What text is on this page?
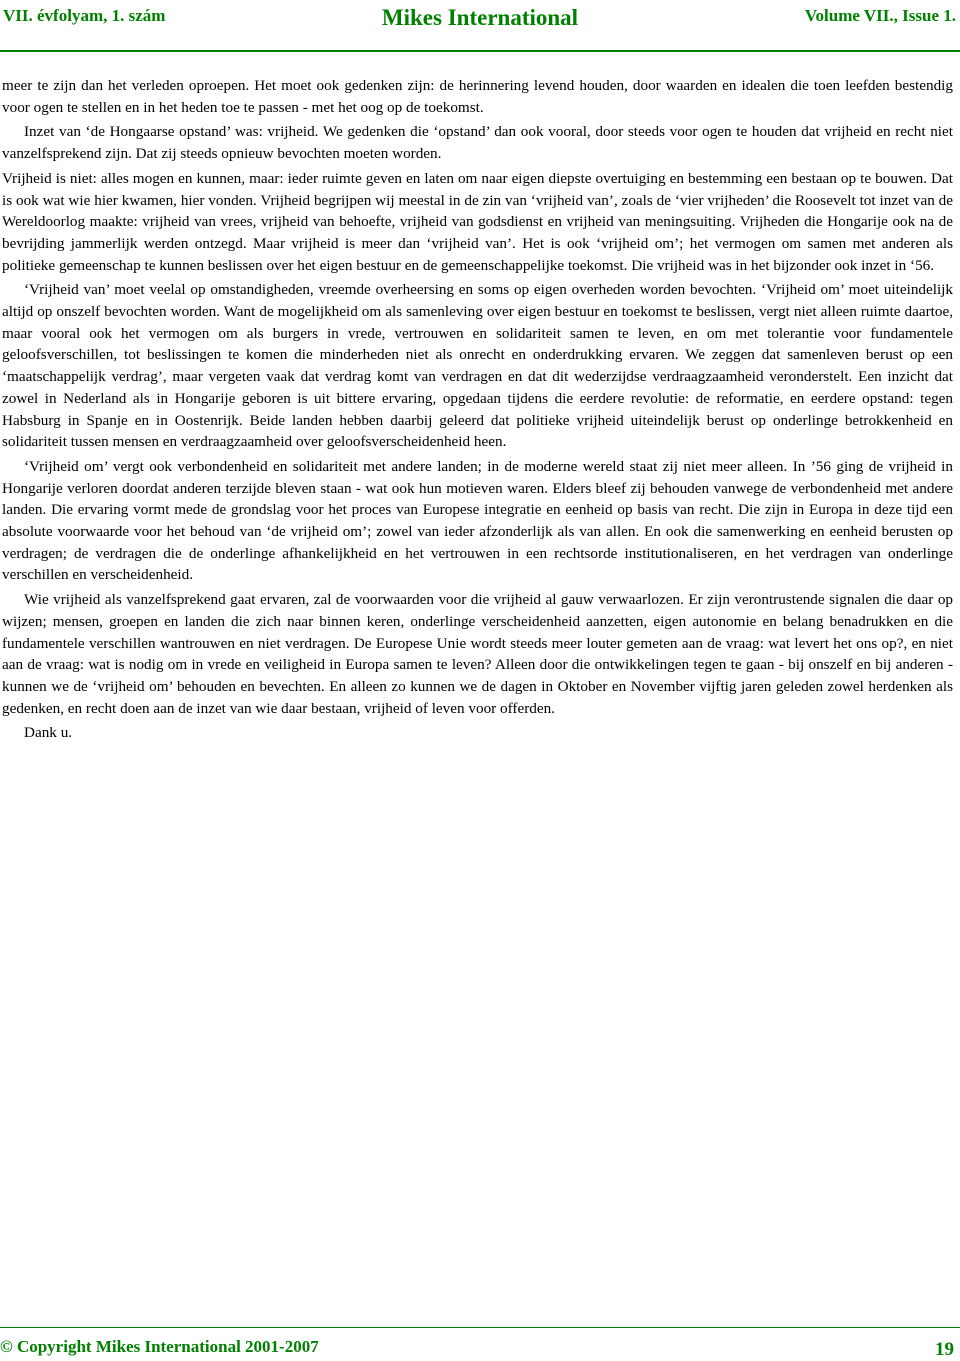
VII. évfolyam, 1. szám	Mikes International	Volume VII., Issue 1.

meer te zijn dan het verleden oproepen. Het moet ook gedenken zijn: de herinnering levend houden, door waarden en idealen die toen leefden bestendig voor ogen te stellen en in het heden toe te passen - met het oog op de toekomst.

Inzet van ‘de Hongaarse opstand’ was: vrijheid. We gedenken die ‘opstand’ dan ook vooral, door steeds voor ogen te houden dat vrijheid en recht niet vanzelfsprekend zijn. Dat zij steeds opnieuw bevochten moeten worden.

Vrijheid is niet: alles mogen en kunnen, maar: ieder ruimte geven en laten om naar eigen diepste overtuiging en bestemming een bestaan op te bouwen. Dat is ook wat wie hier kwamen, hier vonden. Vrijheid begrijpen wij meestal in de zin van ‘vrijheid van’, zoals de ‘vier vrijheden’ die Roosevelt tot inzet van de Wereldoorlog maakte: vrijheid van vrees, vrijheid van behoefte, vrijheid van godsdienst en vrijheid van meningsuiting. Vrijheden die Hongarije ook na de bevrijding jammerlijk werden ontzegd. Maar vrijheid is meer dan ‘vrijheid van’. Het is ook ‘vrijheid om’; het vermogen om samen met anderen als politieke gemeenschap te kunnen beslissen over het eigen bestuur en de gemeenschappelijke toekomst. Die vrijheid was in het bijzonder ook inzet in ‘56.

‘Vrijheid van’ moet veelal op omstandigheden, vreemde overheersing en soms op eigen overheden worden bevochten. ‘Vrijheid om’ moet uiteindelijk altijd op onszelf bevochten worden. Want de mogelijkheid om als samenleving over eigen bestuur en toekomst te beslissen, vergt niet alleen ruimte daartoe, maar vooral ook het vermogen om als burgers in vrede, vertrouwen en solidariteit samen te leven, en om met tolerantie voor fundamentele geloofsverschillen, tot beslissingen te komen die minderheden niet als onrecht en onderdrukking ervaren. We zeggen dat samenleven berust op een ‘maatschappelijk verdrag’, maar vergeten vaak dat verdrag komt van verdragen en dat dit wederzijdse verdraagzaamheid veronderstelt. Een inzicht dat zowel in Nederland als in Hongarije geboren is uit bittere ervaring, opgedaan tijdens die eerdere revolutie: de reformatie, en eerdere opstand: tegen Habsburg in Spanje en in Oostenrijk. Beide landen hebben daarbij geleerd dat politieke vrijheid uiteindelijk berust op onderlinge betrokkenheid en solidariteit tussen mensen en verdraagzaamheid over geloofsverscheidenheid heen.

‘Vrijheid om’ vergt ook verbondenheid en solidariteit met andere landen; in de moderne wereld staat zij niet meer alleen. In ’56 ging de vrijheid in Hongarije verloren doordat anderen terzijde bleven staan - wat ook hun motieven waren. Elders bleef zij behouden vanwege de verbondenheid met andere landen. Die ervaring vormt mede de grondslag voor het proces van Europese integratie en eenheid op basis van recht. Die zijn in Europa in deze tijd een absolute voorwaarde voor het behoud van ‘de vrijheid om’; zowel van ieder afzonderlijk als van allen. En ook die samenwerking en eenheid berusten op verdragen; de verdragen die de onderlinge afhankelijkheid en het vertrouwen in een rechtsorde institutionaliseren, en het verdragen van onderlinge verschillen en verscheidenheid.

Wie vrijheid als vanzelfsprekend gaat ervaren, zal de voorwaarden voor die vrijheid al gauw verwaarlozen. Er zijn verontrustende signalen die daar op wijzen; mensen, groepen en landen die zich naar binnen keren, onderlinge verscheidenheid aanzetten, eigen autonomie en belang benadrukken en die fundamentele verschillen wantrouwen en niet verdragen. De Europese Unie wordt steeds meer louter gemeten aan de vraag: wat levert het ons op?, en niet aan de vraag: wat is nodig om in vrede en veiligheid in Europa samen te leven? Alleen door die ontwikkelingen tegen te gaan - bij onszelf en bij anderen - kunnen we de ‘vrijheid om’ behouden en bevechten. En alleen zo kunnen we de dagen in Oktober en November vijftig jaren geleden zowel herdenken als gedenken, en recht doen aan de inzet van wie daar bestaan, vrijheid of leven voor offerden.

Dank u.

© Copyright Mikes International 2001-2007	19
